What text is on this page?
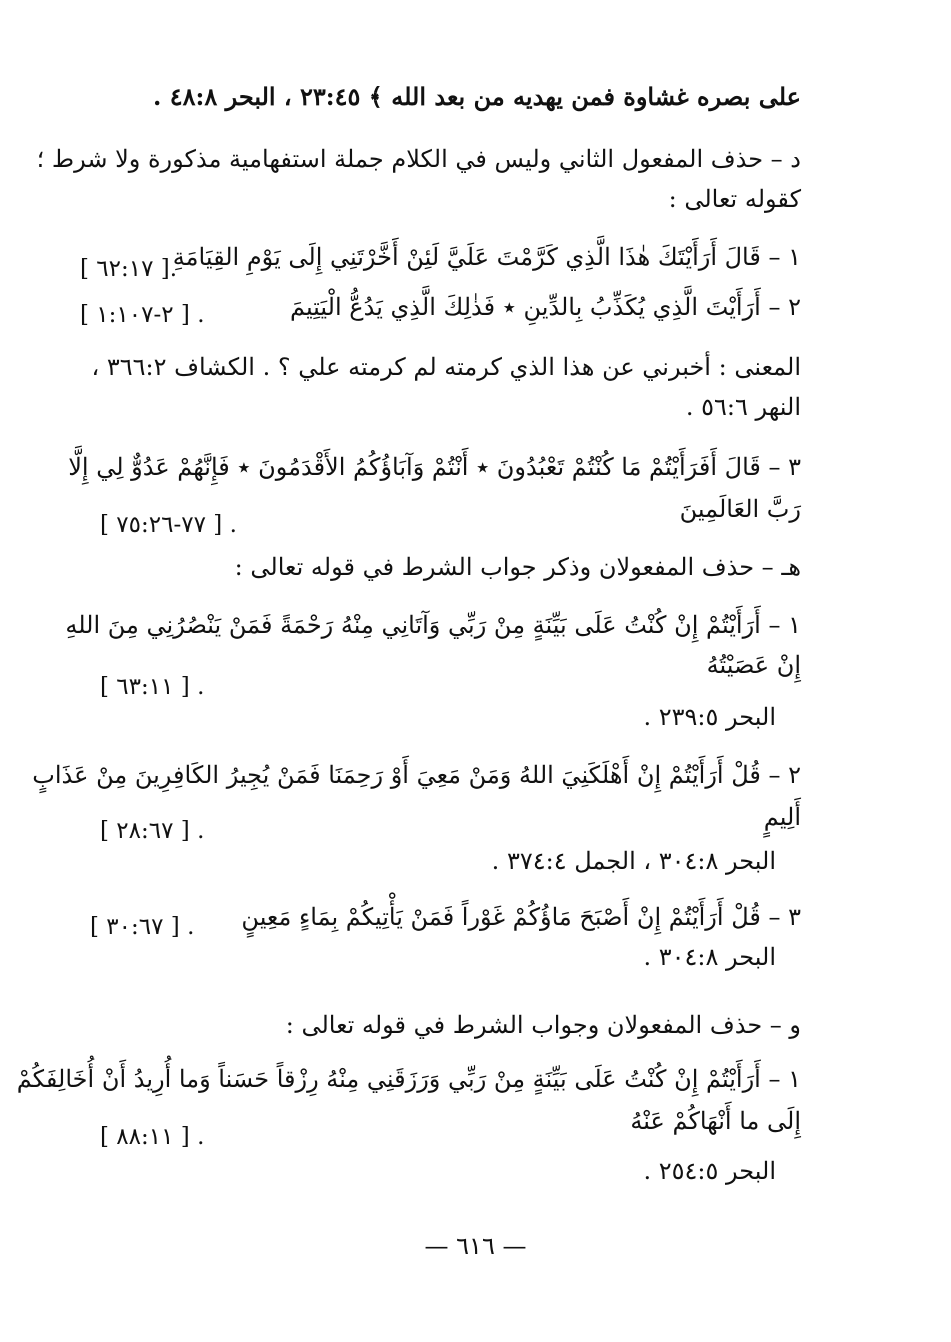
على بصره غشاوة فمن يهديه من بعد الله ﴾ ٢٣:٤٥ ، البحر ٤٨:٨ .
د – حذف المفعول الثاني وليس في الكلام جملة استفهامية مذكورة ولا شرط ؛
كقوله تعالى :
١ – قَالَ أَرَأَيْتَكَ هٰذَا الَّذِي كَرَّمْتَ عَلَيَّ لَئِنْ أَخَّرْتَنِي إِلَى يَوْمِ القِيَامَةِ
[ ٦٢:١٧ ].
٢ – أَرَأَيْتَ الَّذِي يُكَذِّبُ بِالدِّينِ ٭ فَذٰلِكَ الَّذِي يَدُعُّ الْيَتِيمَ
[ ٢-١:١٠٧ ] .
المعنى : أخبرني عن هذا الذي كرمته لم كرمته علي ؟ . الكشاف ٣٦٦:٢ ،
النهر ٥٦:٦ .
٣ – قَالَ أَفَرَأَيْتُمْ مَا كُنْتُمْ تَعْبُدُونَ ٭ أَنْتُمْ وَآبَاؤُكُمُ الأَقْدَمُونَ ٭ فَإِنَّهُمْ عَدُوٌّ لِي إِلَّا
رَبَّ العَالَمِينَ
[ ٧٧-٧٥:٢٦ ] .
هـ – حذف المفعولان وذكر جواب الشرط في قوله تعالى :
١ – أَرَأَيْتُمْ إِنْ كُنْتُ عَلَى بَيِّنَةٍ مِنْ رَبِّي وَآتَانِي مِنْهُ رَحْمَةً فَمَنْ يَنْصُرُنِي مِنَ اللهِ
إِنْ عَصَيْتُهُ
[ ٦٣:١١ ] .
البحر ٢٣٩:٥ .
٢ – قُلْ أَرَأَيْتُمْ إِنْ أَهْلَكَنِيَ اللهُ وَمَنْ مَعِيَ أَوْ رَحِمَنَا فَمَنْ يُجِيرُ الكَافِرِينَ مِنْ عَذَابٍ
أَلِيمٍ
[ ٢٨:٦٧ ] .
البحر ٣٠٤:٨ ، الجمل ٣٧٤:٤ .
٣ – قُلْ أَرَأَيْتُمْ إِنْ أَصْبَحَ مَاؤُكُمْ غَوْراً فَمَنْ يَأْتِيكُمْ بِمَاءٍ مَعِينٍ
[ ٣٠:٦٧ ] .
البحر ٣٠٤:٨ .
و – حذف المفعولان وجواب الشرط في قوله تعالى :
١ – أَرَأَيْتُمْ إِنْ كُنْتُ عَلَى بَيِّنَةٍ مِنْ رَبِّي وَرَزَقَنِي مِنْهُ رِزْقاً حَسَناً وَما أُرِيدُ أَنْ أُخَالِفَكُمْ
إِلَى ما أَنْهَاكُمْ عَنْهُ
[ ٨٨:١١ ] .
البحر ٢٥٤:٥ .
— ٦١٦ —
